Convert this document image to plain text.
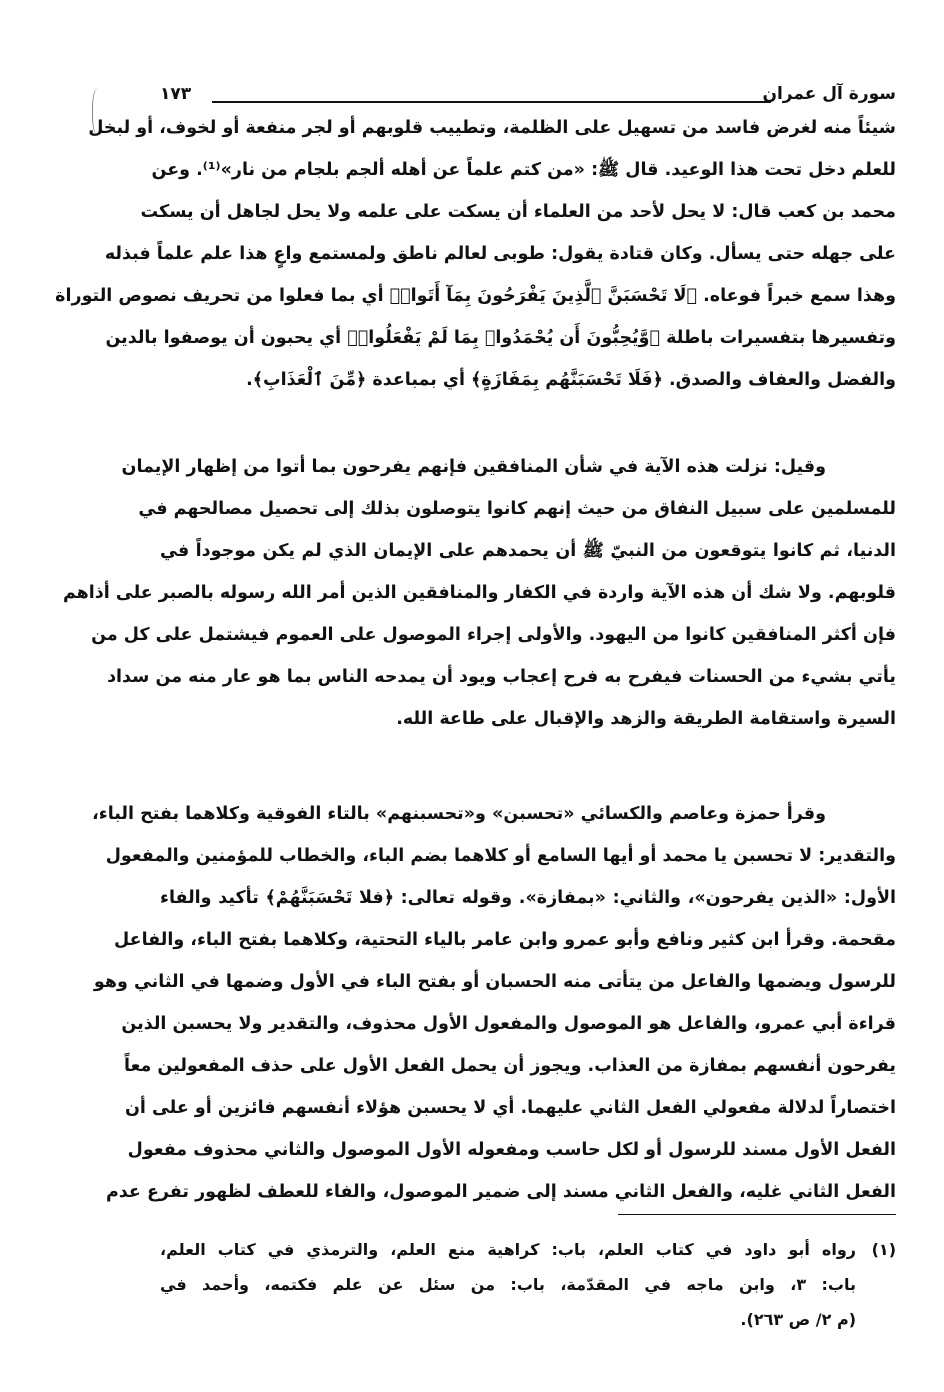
سورة آل عمران
١٧٣
شيئاً منه لغرض فاسد من تسهيل على الظلمة، وتطييب قلوبهم أو لجر منفعة أو لخوف، أو لبخل
للعلم دخل تحت هذا الوعيد. قال ﷺ: «من كتم علماً عن أهله ألجم بلجام من نار»⁽¹⁾. وعن
محمد بن كعب قال: لا يحل لأحد من العلماء أن يسكت على علمه ولا يحل لجاهل أن يسكت
على جهله حتى يسأل. وكان قتادة يقول: طوبى لعالم ناطق ولمستمع واعٍ هذا علم علماً فبذله
وهذا سمع خبراً فوعاه. ﴿لَا تَحْسَبَنَّ ٱلَّذِينَ يَفْرَحُونَ بِمَآ أَتَوا۟﴾ أي بما فعلوا من تحريف نصوص التوراة
وتفسيرها بتفسيرات باطلة ﴿وَّيُحِبُّونَ أَن يُحْمَدُوا۟ بِمَا لَمْ يَفْعَلُوا۟﴾ أي يحبون أن يوصفوا بالدين
والفضل والعفاف والصدق. ﴿فَلَا تَحْسَبَنَّهُم بِمَفَازَةٍ﴾ أي بمباعدة ﴿مِّنَ ٱلْعَذَابِ﴾.
وقيل: نزلت هذه الآية في شأن المنافقين فإنهم يفرحون بما أتوا من إظهار الإيمان
للمسلمين على سبيل النفاق من حيث إنهم كانوا يتوصلون بذلك إلى تحصيل مصالحهم في
الدنيا، ثم كانوا يتوقعون من النبيّ ﷺ أن يحمدهم على الإيمان الذي لم يكن موجوداً في
قلوبهم. ولا شك أن هذه الآية واردة في الكفار والمنافقين الذين أمر الله رسوله بالصبر على أذاهم
فإن أكثر المنافقين كانوا من اليهود. والأولى إجراء الموصول على العموم فيشتمل على كل من
يأتي بشيء من الحسنات فيفرح به فرح إعجاب ويود أن يمدحه الناس بما هو عار منه من سداد
السيرة واستقامة الطريقة والزهد والإقبال على طاعة الله.
وقرأ حمزة وعاصم والكسائي «تحسبن» و«تحسبنهم» بالتاء الفوقية وكلاهما بفتح الباء،
والتقدير: لا تحسبن يا محمد أو أيها السامع أو كلاهما بضم الباء، والخطاب للمؤمنين والمفعول
الأول: «الذين يفرحون»، والثاني: «بمفازة». وقوله تعالى: ﴿فلا تَحْسَبَنَّهُمْ﴾ تأكيد والفاء
مقحمة. وقرأ ابن كثير ونافع وأبو عمرو وابن عامر بالياء التحتية، وكلاهما بفتح الباء، والفاعل
للرسول ويضمها والفاعل من يتأتى منه الحسبان أو بفتح الباء في الأول وضمها في الثاني وهو
قراءة أبي عمرو، والفاعل هو الموصول والمفعول الأول محذوف، والتقدير ولا يحسبن الذين
يفرحون أنفسهم بمفازة من العذاب. ويجوز أن يحمل الفعل الأول على حذف المفعولين معاً
اختصاراً لدلالة مفعولي الفعل الثاني عليهما. أي لا يحسبن هؤلاء أنفسهم فائزين أو على أن
الفعل الأول مسند للرسول أو لكل حاسب ومفعوله الأول الموصول والثاني محذوف مفعول
الفعل الثاني غليه، والفعل الثاني مسند إلى ضمير الموصول، والفاء للعطف لظهور تفرع عدم
(١)رواه أبو داود في كتاب العلم، باب: كراهية منع العلم، والترمذي في كتاب العلم،
باب: ٣، وابن ماجه في المقدّمة، باب: من سئل عن علم فكتمه، وأحمد في
(م ٢/ ص ٢٦٣).
